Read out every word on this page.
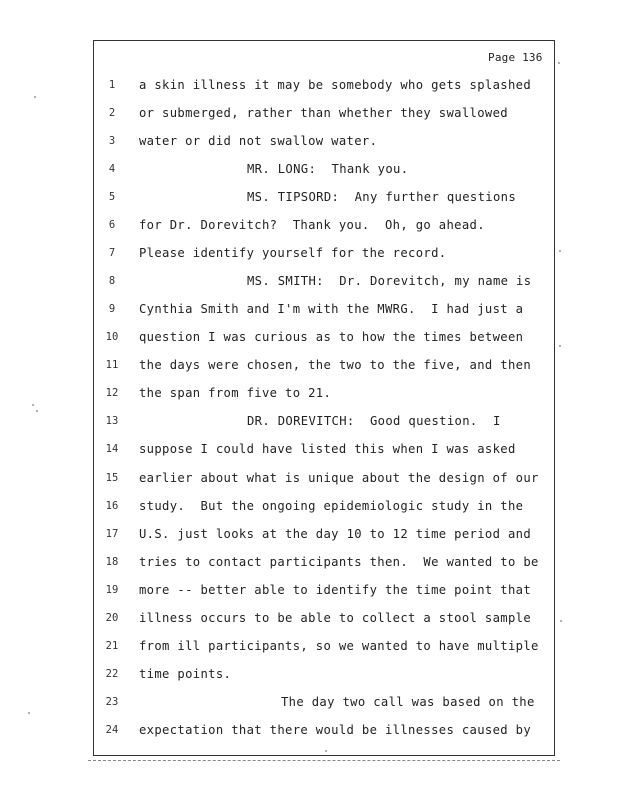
Page 136
1	a skin illness it may be somebody who gets splashed
2	or submerged, rather than whether they swallowed
3	water or did not swallow water.
4	MR. LONG:  Thank you.
5	MS. TIPSORD:  Any further questions
6	for Dr. Dorevitch?  Thank you.  Oh, go ahead.
7	Please identify yourself for the record.
8	MS. SMITH:  Dr. Dorevitch, my name is
9	Cynthia Smith and I'm with the MWRG.  I had just a
10	question I was curious as to how the times between
11	the days were chosen, the two to the five, and then
12	the span from five to 21.
13	DR. DOREVITCH:  Good question.  I
14	suppose I could have listed this when I was asked
15	earlier about what is unique about the design of our
16	study.  But the ongoing epidemiologic study in the
17	U.S. just looks at the day 10 to 12 time period and
18	tries to contact participants then.  We wanted to be
19	more -- better able to identify the time point that
20	illness occurs to be able to collect a stool sample
21	from ill participants, so we wanted to have multiple
22	time points.
23	The day two call was based on the
24	expectation that there would be illnesses caused by
